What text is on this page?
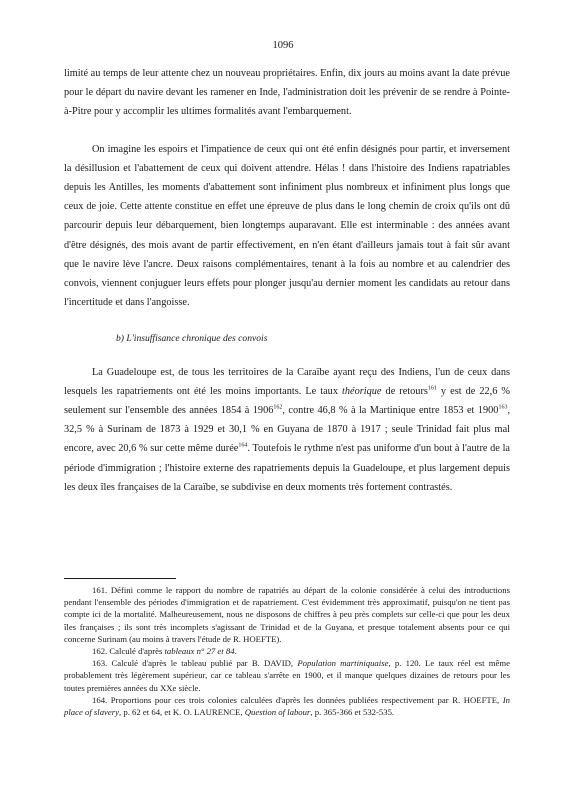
1096

limité au temps de leur attente chez un nouveau propriétaires. Enfin, dix jours au moins avant la date prévue pour le départ du navire devant les ramener en Inde, l'administration doit les prévenir de se rendre à Pointe-à-Pitre pour y accomplir les ultimes formalités avant l'embarquement.

On imagine les espoirs et l'impatience de ceux qui ont été enfin désignés pour partir, et inversement la désillusion et l'abattement de ceux qui doivent attendre. Hélas ! dans l'histoire des Indiens rapatriables depuis les Antilles, les moments d'abattement sont infiniment plus nombreux et infiniment plus longs que ceux de joie. Cette attente constitue en effet une épreuve de plus dans le long chemin de croix qu'ils ont dû parcourir depuis leur débarquement, bien longtemps auparavant. Elle est interminable : des années avant d'être désignés, des mois avant de partir effectivement, en n'en étant d'ailleurs jamais tout à fait sûr avant que le navire lève l'ancre. Deux raisons complémentaires, tenant à la fois au nombre et au calendrier des convois, viennent conjuguer leurs effets pour plonger jusqu'au dernier moment les candidats au retour dans l'incertitude et dans l'angoisse.

b) L'insuffisance chronique des convois

La Guadeloupe est, de tous les territoires de la Caraïbe ayant reçu des Indiens, l'un de ceux dans lesquels les rapatriements ont été les moins importants. Le taux théorique de retours$^{161}$ y est de 22,6 % seulement sur l'ensemble des années 1854 à 1906$^{162}$, contre 46,8 % à la Martinique entre 1853 et 1900$^{163}$, 32,5 % à Surinam de 1873 à 1929 et 30,1 % en Guyana de 1870 à 1917 ; seule Trinidad fait plus mal encore, avec 20,6 % sur cette même durée$^{164}$. Toutefois le rythme n'est pas uniforme d'un bout à l'autre de la période d'immigration ; l'histoire externe des rapatriements depuis la Guadeloupe, et plus largement depuis les deux îles françaises de la Caraïbe, se subdivise en deux moments très fortement contrastés.

161. Défini comme le rapport du nombre de rapatriés au départ de la colonie considérée à celui des introductions pendant l'ensemble des périodes d'immigration et de rapatriement. C'est évidemment très approximatif, puisqu'on ne tient pas compte ici de la mortalité. Malheureusement, nous ne disposons de chiffres à peu près complets sur celle-ci que pour les deux îles françaises ; ils sont très incomplets s'agissant de Trinidad et de la Guyana, et presque totalement absents pour ce qui concerne Surinam (au moins à travers l'étude de R. HOEFTE).

162. Calculé d'après tableaux n° 27 et 84.

163. Calculé d'après le tableau publié par B. DAVID, Population martiniquaise, p. 120. Le taux réel est même probablement très légèrement supérieur, car ce tableau s'arrête en 1900, et il manque quelques dizaines de retours pour les toutes premières années du XXe siècle.

164. Proportions pour ces trois colonies calculées d'après les données publiées respectivement par R. HOEFTE, In place of slavery, p. 62 et 64, et K. O. LAURENCE, Question of labour, p. 365-366 et 532-535.
